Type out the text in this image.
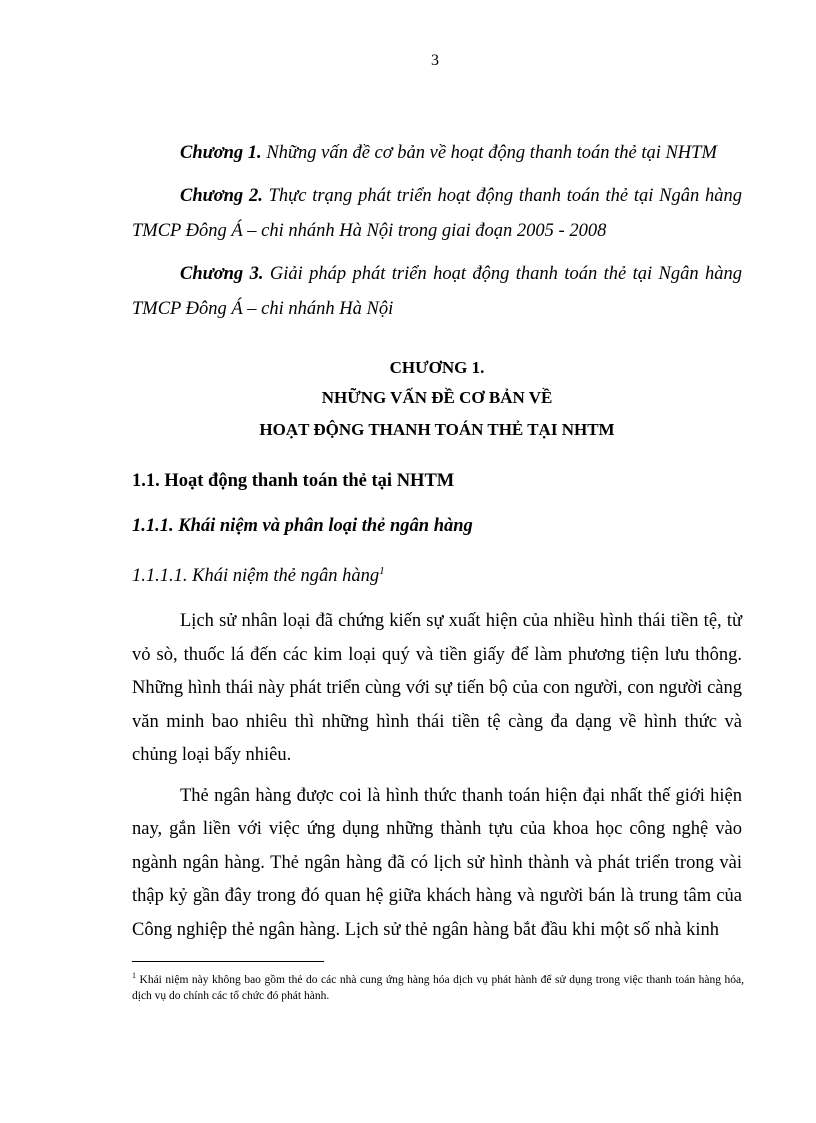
3

Chương 1. Những vấn đề cơ bản về hoạt động thanh toán thẻ tại NHTM

Chương 2. Thực trạng phát triển hoạt động thanh toán thẻ tại Ngân hàng TMCP Đông Á – chi nhánh Hà Nội trong giai đoạn 2005 - 2008

Chương 3. Giải pháp phát triển hoạt động thanh toán thẻ tại Ngân hàng TMCP Đông Á – chi nhánh Hà Nội

CHƯƠNG 1.

NHỮNG VẤN ĐỀ CƠ BẢN VỀ

HOẠT ĐỘNG THANH TOÁN THẺ TẠI NHTM

1.1. Hoạt động thanh toán thẻ tại NHTM

1.1.1. Khái niệm và phân loại thẻ ngân hàng

1.1.1.1. Khái niệm thẻ ngân hàng$^1$

Lịch sử nhân loại đã chứng kiến sự xuất hiện của nhiều hình thái tiền tệ, từ vỏ sò, thuốc lá đến các kim loại quý và tiền giấy để làm phương tiện lưu thông. Những hình thái này phát triển cùng với sự tiến bộ của con người, con người càng văn minh bao nhiêu thì những hình thái tiền tệ càng đa dạng về hình thức và chủng loại bấy nhiêu.

Thẻ ngân hàng được coi là hình thức thanh toán hiện đại nhất thế giới hiện nay, gắn liền với việc ứng dụng những thành tựu của khoa học công nghệ vào ngành ngân hàng. Thẻ ngân hàng đã có lịch sử hình thành và phát triển trong vài thập kỷ gần đây trong đó quan hệ giữa khách hàng và người bán là trung tâm của Công nghiệp thẻ ngân hàng. Lịch sử thẻ ngân hàng bắt đầu khi một số nhà kinh

$^1$ Khái niệm này không bao gồm thẻ do các nhà cung ứng hàng hóa dịch vụ phát hành để sử dụng trong việc thanh toán hàng hóa, dịch vụ do chính các tổ chức đó phát hành.
